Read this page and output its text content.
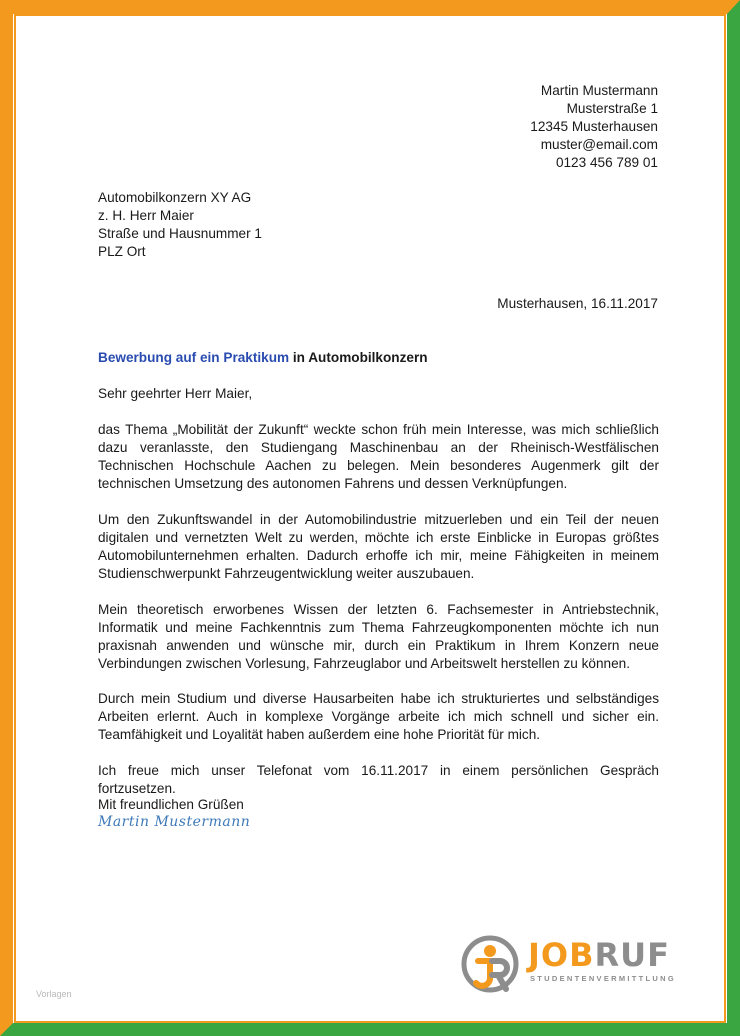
Martin Mustermann
Musterstraße 1
12345 Musterhausen
muster@email.com
0123 456 789 01
Automobilkonzern XY AG
z. H. Herr Maier
Straße und Hausnummer 1
PLZ Ort
Musterhausen, 16.11.2017
Bewerbung auf ein Praktikum in Automobilkonzern
Sehr geehrter Herr Maier,
das Thema „Mobilität der Zukunft“ weckte schon früh mein Interesse, was mich schließlich dazu veranlasste, den Studiengang Maschinenbau an der Rheinisch-Westfälischen Technischen Hochschule Aachen zu belegen. Mein besonderes Augenmerk gilt der technischen Umsetzung des autonomen Fahrens und dessen Verknüpfungen.
Um den Zukunftswandel in der Automobilindustrie mitzuerleben und ein Teil der neuen digitalen und vernetzten Welt zu werden, möchte ich erste Einblicke in Europas größtes Automobilunternehmen erhalten. Dadurch erhoffe ich mir, meine Fähigkeiten in meinem Studienschwerpunkt Fahrzeugentwicklung weiter auszubauen.
Mein theoretisch erworbenes Wissen der letzten 6. Fachsemester in Antriebstechnik, Informatik und meine Fachkenntnis zum Thema Fahrzeugkomponenten möchte ich nun praxisnah anwenden und wünsche mir, durch ein Praktikum in Ihrem Konzern neue Verbindungen zwischen Vorlesung, Fahrzeuglabor und Arbeitswelt herstellen zu können.
Durch mein Studium und diverse Hausarbeiten habe ich strukturiertes und selbständiges Arbeiten erlernt. Auch in komplexe Vorgänge arbeite ich mich schnell und sicher ein. Teamfähigkeit und Loyalität haben außerdem eine hohe Priorität für mich.
Ich freue mich unser Telefonat vom 16.11.2017 in einem persönlichen Gespräch fortzusetzen.
Mit freundlichen Grüßen
Martin Mustermann
JOBRUF
STUDENTENVERMITTLUNG
Vorlagen
